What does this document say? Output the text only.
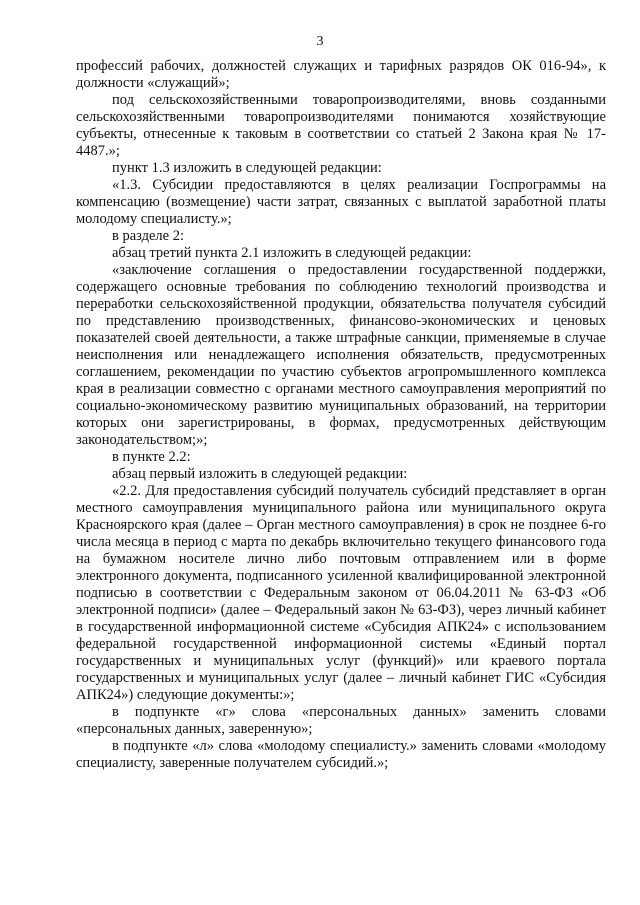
3

профессий рабочих, должностей служащих и тарифных разрядов ОК 016-94», к должности «служащий»;

под сельскохозяйственными товаропроизводителями, вновь созданными сельскохозяйственными товаропроизводителями понимаются хозяйствующие субъекты, отнесенные к таковым в соответствии со статьей 2 Закона края № 17-4487.»;

пункт 1.3 изложить в следующей редакции:

«1.3. Субсидии предоставляются в целях реализации Госпрограммы на компенсацию (возмещение) части затрат, связанных с выплатой заработной платы молодому специалисту.»;

в разделе 2:

абзац третий пункта 2.1 изложить в следующей редакции:

«заключение соглашения о предоставлении государственной поддержки, содержащего основные требования по соблюдению технологий производства и переработки сельскохозяйственной продукции, обязательства получателя субсидий по представлению производственных, финансово-экономических и ценовых показателей своей деятельности, а также штрафные санкции, применяемые в случае неисполнения или ненадлежащего исполнения обязательств, предусмотренных соглашением, рекомендации по участию субъектов агропромышленного комплекса края в реализации совместно с органами местного самоуправления мероприятий по социально-экономическому развитию муниципальных образований, на территории которых они зарегистрированы, в формах, предусмотренных действующим законодательством;»;

в пункте 2.2:

абзац первый изложить в следующей редакции:

«2.2. Для предоставления субсидий получатель субсидий представляет в орган местного самоуправления муниципального района или муниципального округа Красноярского края (далее – Орган местного самоуправления) в срок не позднее 6-го числа месяца в период с марта по декабрь включительно текущего финансового года на бумажном носителе лично либо почтовым отправлением или в форме электронного документа, подписанного усиленной квалифицированной электронной подписью в соответствии с Федеральным законом от 06.04.2011 № 63-ФЗ «Об электронной подписи» (далее – Федеральный закон № 63-ФЗ), через личный кабинет в государственной информационной системе «Субсидия АПК24» с использованием федеральной государственной информационной системы «Единый портал государственных и муниципальных услуг (функций)» или краевого портала государственных и муниципальных услуг (далее – личный кабинет ГИС «Субсидия АПК24») следующие документы:»;

в подпункте «г» слова «персональных данных» заменить словами «персональных данных, заверенную»;

в подпункте «л» слова «молодому специалисту.» заменить словами «молодому специалисту, заверенные получателем субсидий.»;
